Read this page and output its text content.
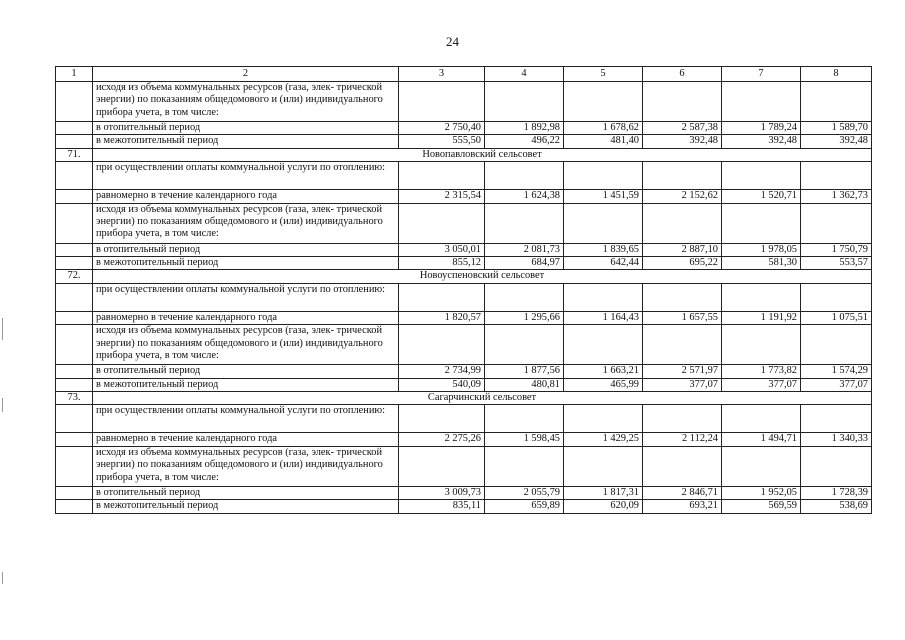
24
1	2	3	4	5	6	7	8
	исходя из объема коммунальных ресурсов (газа, элек- трической энергии) по показаниям общедомового и (или) индивидуального прибора учета, в том числе:						
	в отопительный период	2 750,40	1 892,98	1 678,62	2 587,38	1 789,24	1 589,70
	в межотопительный период	555,50	496,22	481,40	392,48	392,48	392,48
71.	Новопавловский сельсовет						
	при осуществлении оплаты коммунальной услуги по отоплению:						
	равномерно в течение календарного года	2 315,54	1 624,38	1 451,59	2 152,62	1 520,71	1 362,73
	исходя из объема коммунальных ресурсов (газа, элек- трической энергии) по показаниям общедомового и (или) индивидуального прибора учета, в том числе:						
	в отопительный период	3 050,01	2 081,73	1 839,65	2 887,10	1 978,05	1 750,79
	в межотопительный период	855,12	684,97	642,44	695,22	581,30	553,57
72.	Новоуспеновский сельсовет						
	при осуществлении оплаты коммунальной услуги по отоплению:						
	равномерно в течение календарного года	1 820,57	1 295,66	1 164,43	1 657,55	1 191,92	1 075,51
	исходя из объема коммунальных ресурсов (газа, элек- трической энергии) по показаниям общедомового и (или) индивидуального прибора учета, в том числе:						
	в отопительный период	2 734,99	1 877,56	1 663,21	2 571,97	1 773,82	1 574,29
	в межотопительный период	540,09	480,81	465,99	377,07	377,07	377,07
73.	Сагарчинский сельсовет						
	при осуществлении оплаты коммунальной услуги по отоплению:						
	равномерно в течение календарного года	2 275,26	1 598,45	1 429,25	2 112,24	1 494,71	1 340,33
	исходя из объема коммунальных ресурсов (газа, элек- трической энергии) по показаниям общедомового и (или) индивидуального прибора учета, в том числе:						
	в отопительный период	3 009,73	2 055,79	1 817,31	2 846,71	1 952,05	1 728,39
	в межотопительный период	835,11	659,89	620,09	693,21	569,59	538,69
